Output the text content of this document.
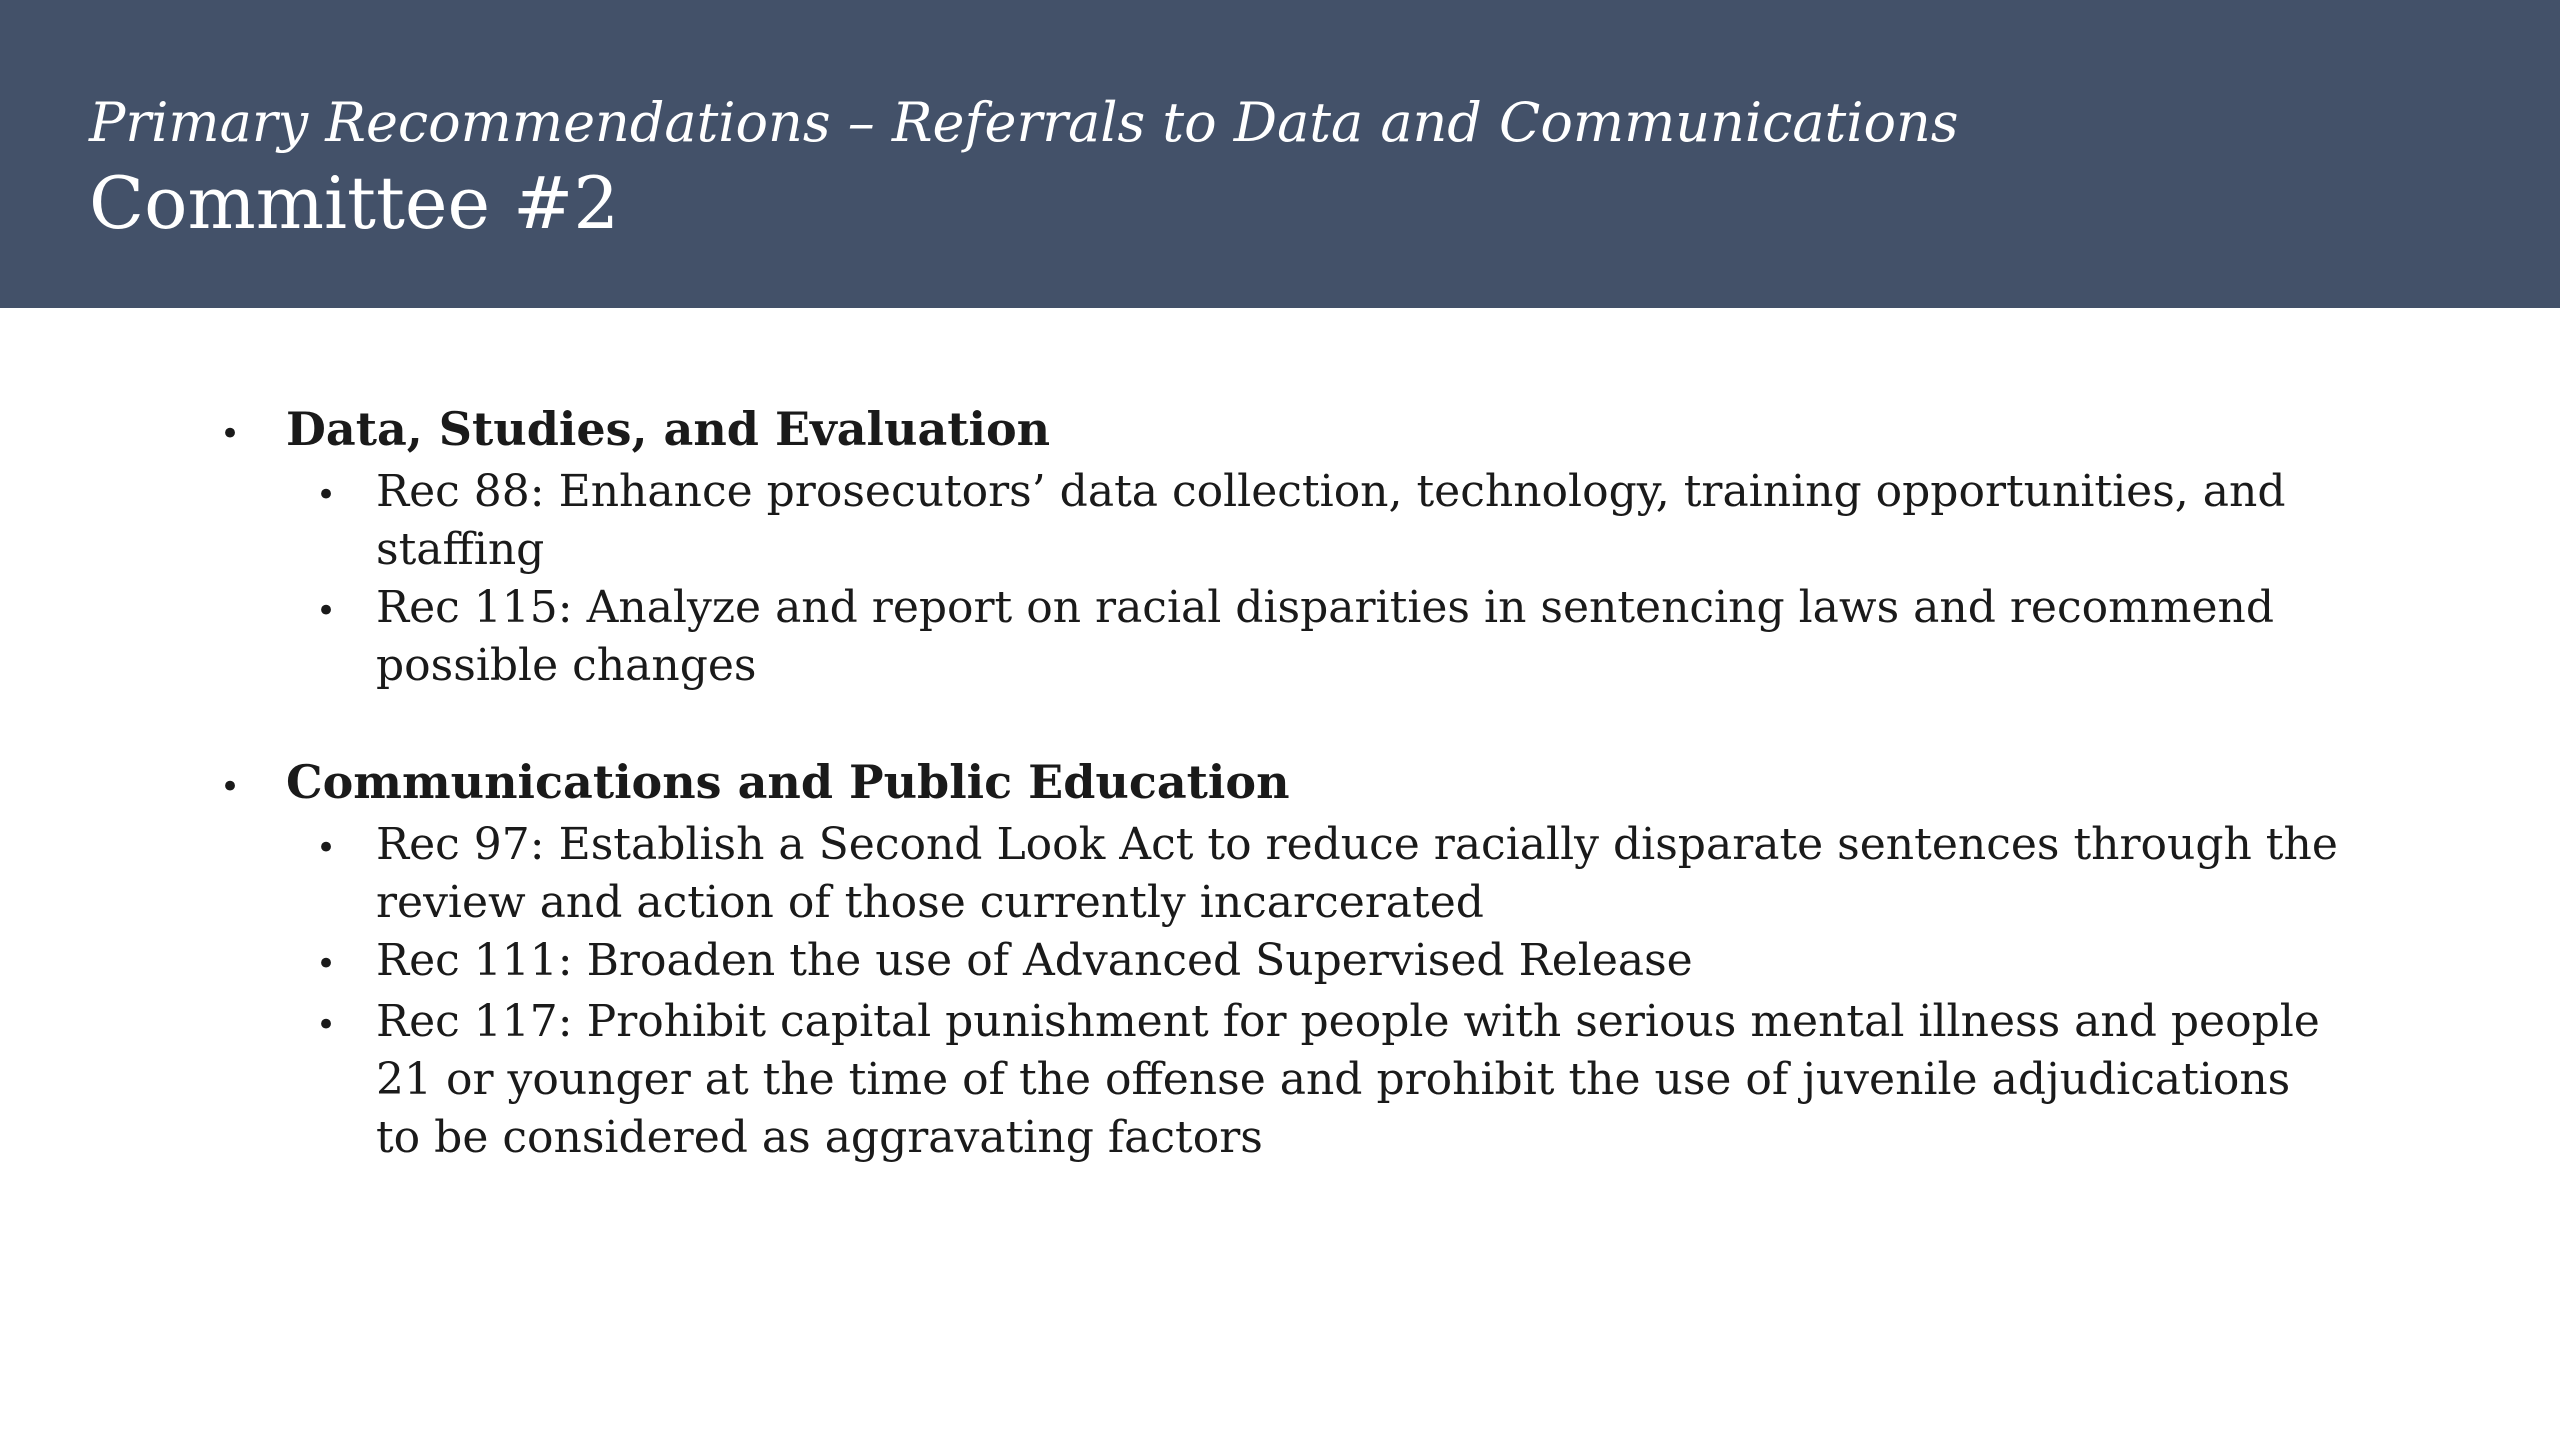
Primary Recommendations – Referrals to Data and Communications
Committee #2
• Data, Studies, and Evaluation
• Rec 88: Enhance prosecutors’ data collection, technology, training opportunities, and staffing
• Rec 115: Analyze and report on racial disparities in sentencing laws and recommend possible changes
• Communications and Public Education
• Rec 97: Establish a Second Look Act to reduce racially disparate sentences through the review and action of those currently incarcerated
• Rec 111: Broaden the use of Advanced Supervised Release
• Rec 117: Prohibit capital punishment for people with serious mental illness and people 21 or younger at the time of the offense and prohibit the use of juvenile adjudications to be considered as aggravating factors
